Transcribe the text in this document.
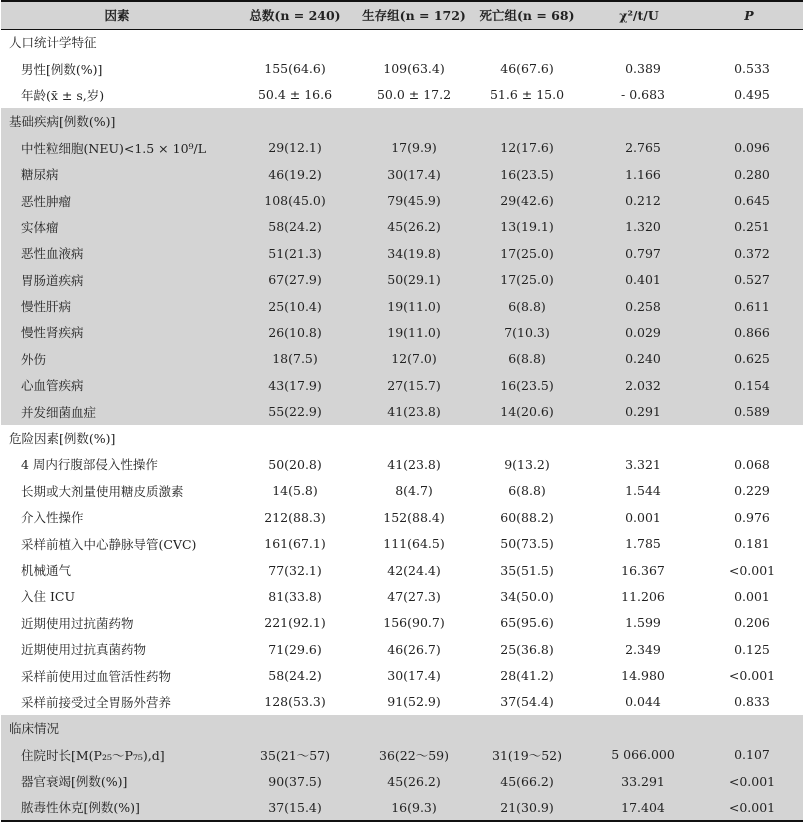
因素	总数(n = 240)	生存组(n = 172)	死亡组(n = 68)	χ²/t/U	P
人口统计学特征					
男性[例数(%)]	155(64.6)	109(63.4)	46(67.6)	0.389	0.533
年龄(x̄ ± s,岁)	50.4 ± 16.6	50.0 ± 17.2	51.6 ± 15.0	- 0.683	0.495
基础疾病[例数(%)]					
中性粒细胞(NEU)<1.5 × 10⁹/L	29(12.1)	17(9.9)	12(17.6)	2.765	0.096
糖尿病	46(19.2)	30(17.4)	16(23.5)	1.166	0.280
恶性肿瘤	108(45.0)	79(45.9)	29(42.6)	0.212	0.645
实体瘤	58(24.2)	45(26.2)	13(19.1)	1.320	0.251
恶性血液病	51(21.3)	34(19.8)	17(25.0)	0.797	0.372
胃肠道疾病	67(27.9)	50(29.1)	17(25.0)	0.401	0.527
慢性肝病	25(10.4)	19(11.0)	6(8.8)	0.258	0.611
慢性肾疾病	26(10.8)	19(11.0)	7(10.3)	0.029	0.866
外伤	18(7.5)	12(7.0)	6(8.8)	0.240	0.625
心血管疾病	43(17.9)	27(15.7)	16(23.5)	2.032	0.154
并发细菌血症	55(22.9)	41(23.8)	14(20.6)	0.291	0.589
危险因素[例数(%)]					
4 周内行腹部侵入性操作	50(20.8)	41(23.8)	9(13.2)	3.321	0.068
长期或大剂量使用糖皮质激素	14(5.8)	8(4.7)	6(8.8)	1.544	0.229
介入性操作	212(88.3)	152(88.4)	60(88.2)	0.001	0.976
采样前植入中心静脉导管(CVC)	161(67.1)	111(64.5)	50(73.5)	1.785	0.181
机械通气	77(32.1)	42(24.4)	35(51.5)	16.367	<0.001
入住 ICU	81(33.8)	47(27.3)	34(50.0)	11.206	0.001
近期使用过抗菌药物	221(92.1)	156(90.7)	65(95.6)	1.599	0.206
近期使用过抗真菌药物	71(29.6)	46(26.7)	25(36.8)	2.349	0.125
采样前使用过血管活性药物	58(24.2)	30(17.4)	28(41.2)	14.980	<0.001
采样前接受过全胃肠外营养	128(53.3)	91(52.9)	37(54.4)	0.044	0.833
临床情况					
住院时长[M(P₂₅～P₇₅),d]	35(21～57)	36(22～59)	31(19～52)	5 066.000	0.107
器官衰竭[例数(%)]	90(37.5)	45(26.2)	45(66.2)	33.291	<0.001
脓毒性休克[例数(%)]	37(15.4)	16(9.3)	21(30.9)	17.404	<0.001
